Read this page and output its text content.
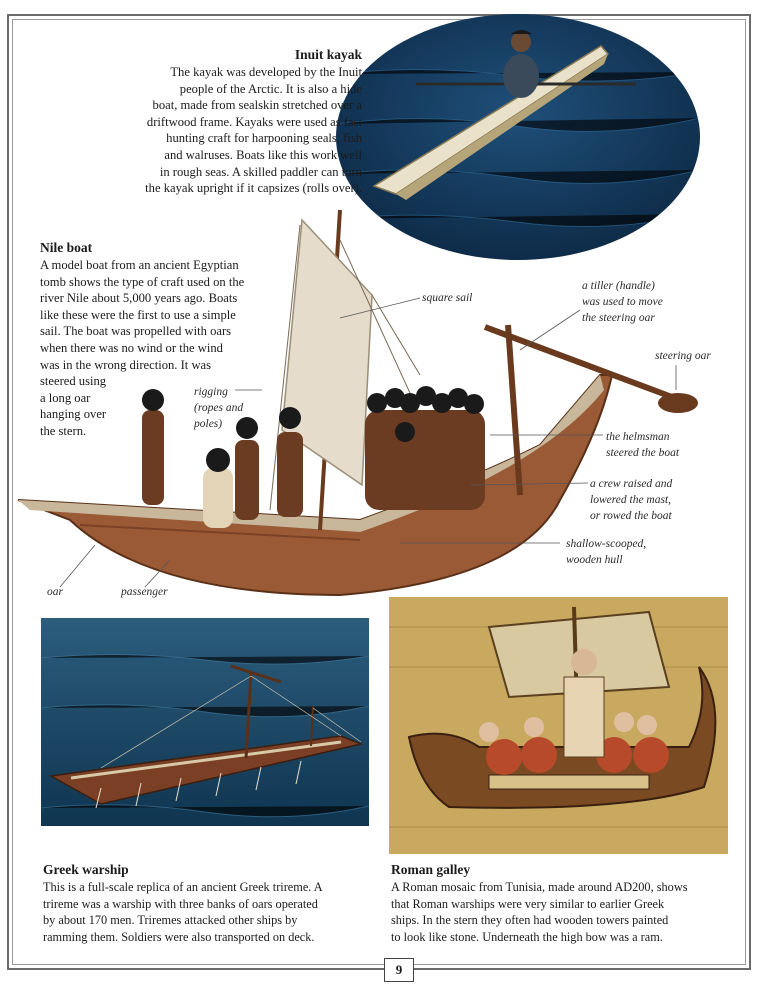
Inuit kayak

The kayak was developed by the Inuit
people of the Arctic. It is also a hide
boat, made from sealskin stretched over a
driftwood frame. Kayaks were used as fast
hunting craft for harpooning seals, fish
and walruses. Boats like this work well
in rough seas. A skilled paddler can turn
the kayak upright if it capsizes (rolls over).

Nile boat

A model boat from an ancient Egyptian
tomb shows the type of craft used on the
river Nile about 5,000 years ago. Boats
like these were the first to use a simple
sail. The boat was propelled with oars
when there was no wind or the wind
was in the wrong direction. It was
steered using
a long oar
hanging over
the stern.

square sail
a tiller (handle)
was used to move
the steering oar
steering oar
rigging
(ropes and
poles)
the helmsman
steered the boat
a crew raised and
lowered the mast,
or rowed the boat
shallow-scooped,
wooden hull
oar	passenger
Greek warship

This is a full-scale replica of an ancient Greek trireme. A
trireme was a warship with three banks of oars operated
by about 170 men. Triremes attacked other ships by
ramming them. Soldiers were also transported on deck.

Roman galley

A Roman mosaic from Tunisia, made around AD200, shows
that Roman warships were very similar to earlier Greek
ships. In the stern they often had wooden towers painted
to look like stone. Underneath the high bow was a ram.

9
